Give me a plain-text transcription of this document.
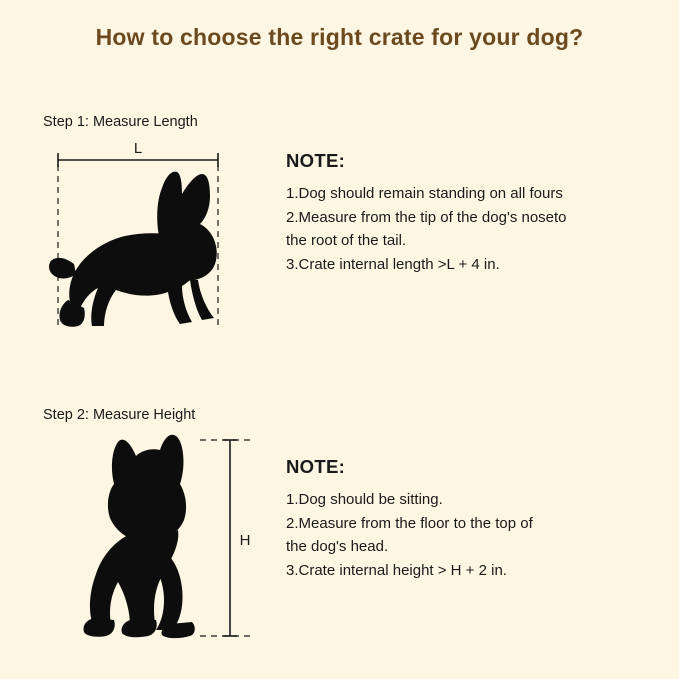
How to choose the right crate for your dog?
Step 1: Measure Length
L

NOTE:

1.Dog should remain standing on all fours

2.Measure from the tip of the dog's noseto

the root of the tail.

3.Crate internal length >L + 4 in.

Step 2: Measure Height
H

NOTE:

1.Dog should be sitting.

2.Measure from the floor to the top of

the dog's head.

3.Crate internal height > H + 2 in.
